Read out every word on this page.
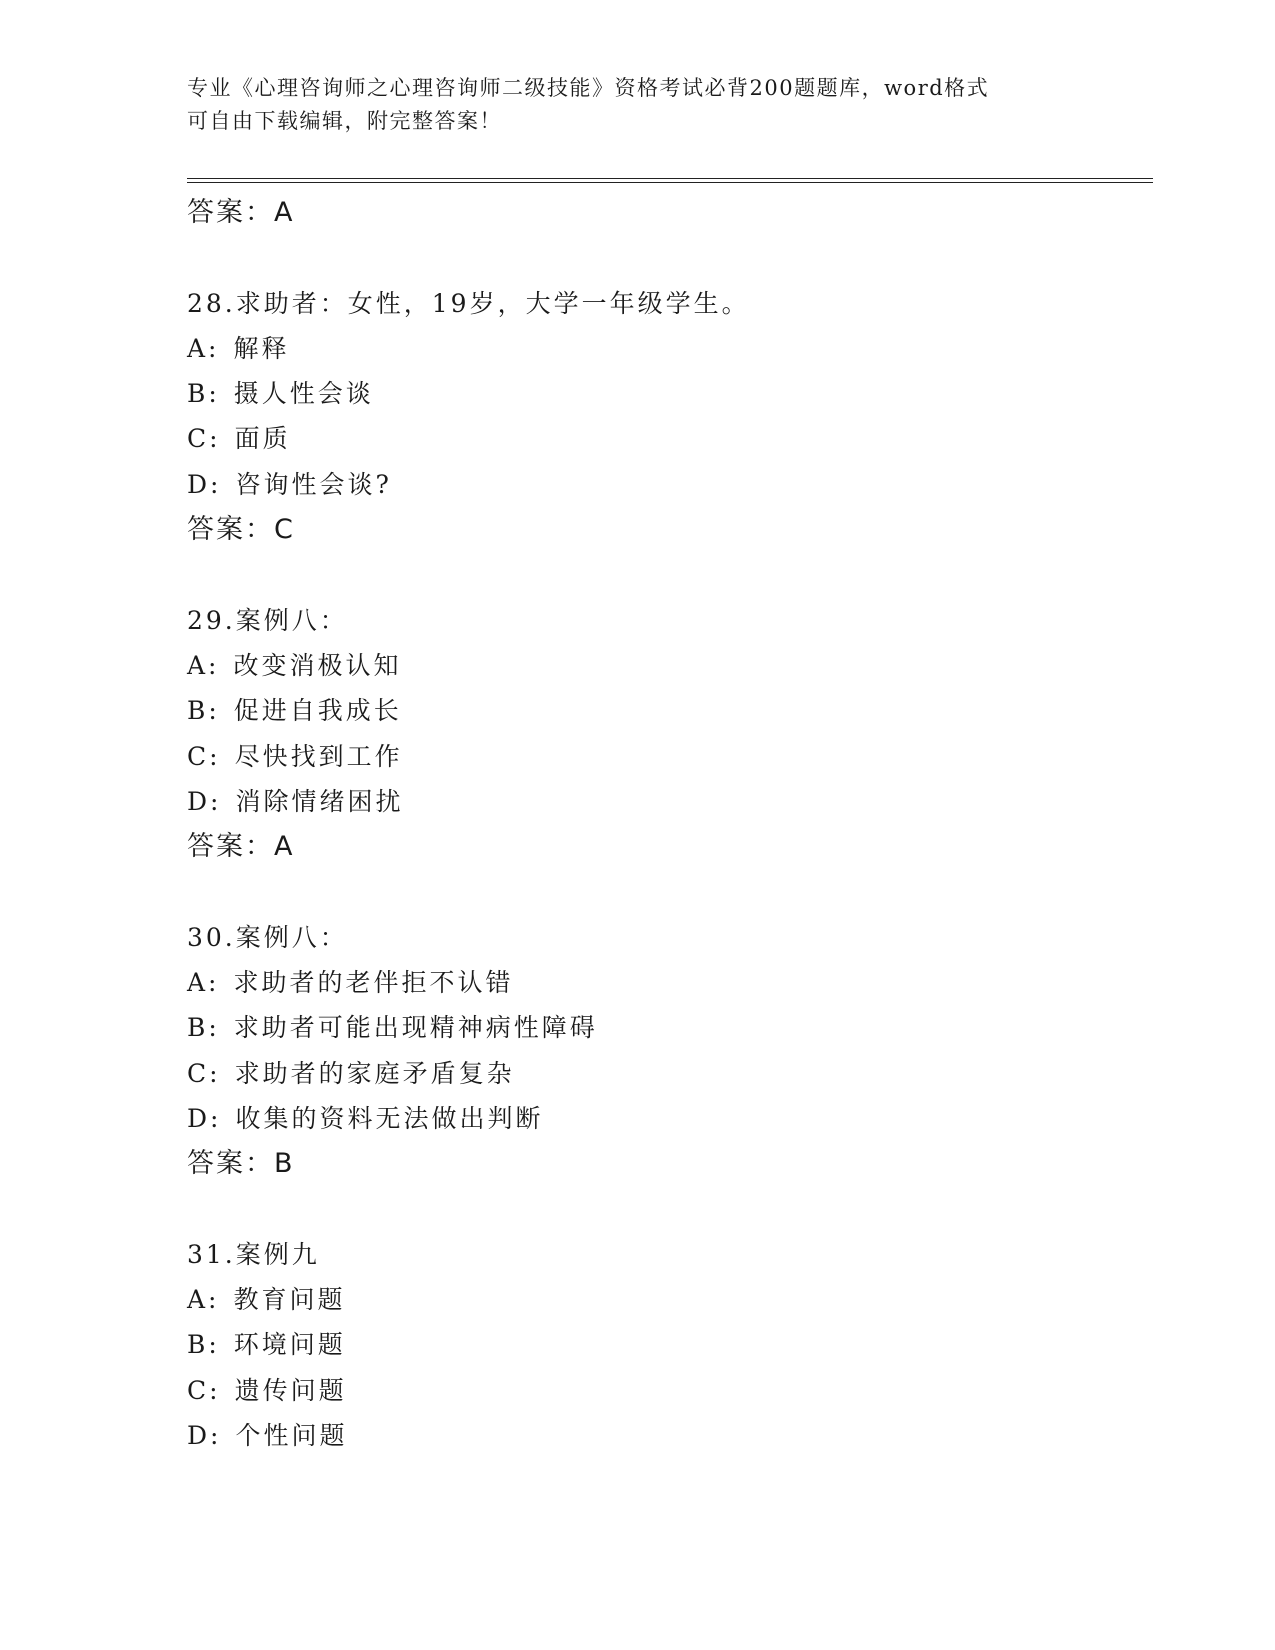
专业《心理咨询师之心理咨询师二级技能》资格考试必背200题题库，word格式
可自由下载编辑，附完整答案！
答案：A
28.求助者：女性，19岁，大学一年级学生。
A: 解释
B: 摄人性会谈
C: 面质
D: 咨询性会谈?
答案：C
29.案例八：
A: 改变消极认知
B: 促进自我成长
C: 尽快找到工作
D: 消除情绪困扰
答案：A
30.案例八：
A: 求助者的老伴拒不认错
B: 求助者可能出现精神病性障碍
C: 求助者的家庭矛盾复杂
D: 收集的资料无法做出判断
答案：B
31.案例九
A: 教育问题
B: 环境问题
C: 遗传问题
D: 个性问题
